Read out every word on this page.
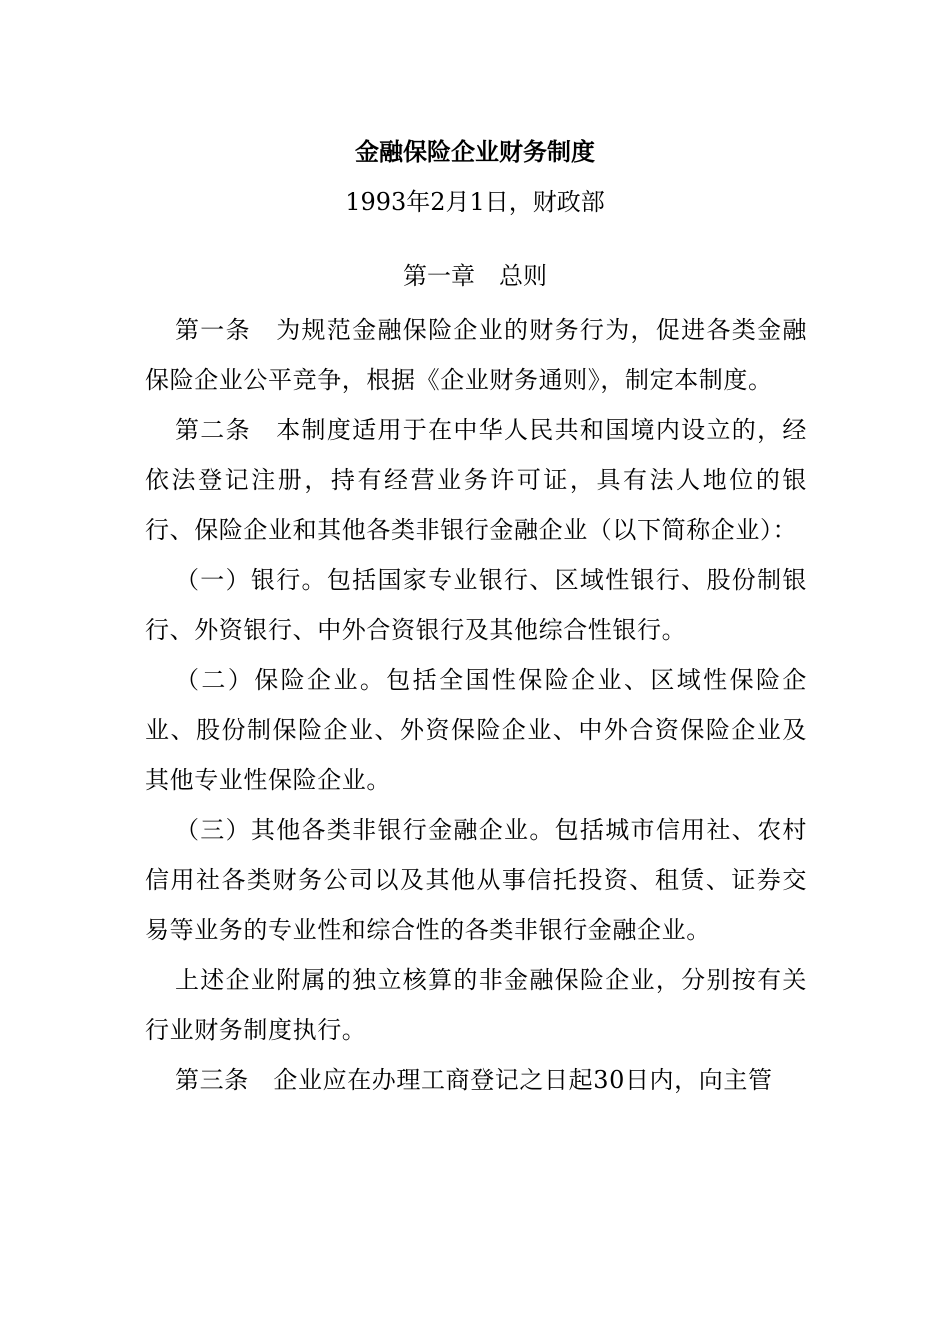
金融保险企业财务制度
1993年2月1日，财政部
第一章　总则

第一条　为规范金融保险企业的财务行为，促进各类金融保险企业公平竞争，根据《企业财务通则》，制定本制度。

第二条　本制度适用于在中华人民共和国境内设立的，经依法登记注册，持有经营业务许可证，具有法人地位的银行、保险企业和其他各类非银行金融企业（以下简称企业）：

（一）银行。包括国家专业银行、区域性银行、股份制银行、外资银行、中外合资银行及其他综合性银行。

（二）保险企业。包括全国性保险企业、区域性保险企业、股份制保险企业、外资保险企业、中外合资保险企业及其他专业性保险企业。

（三）其他各类非银行金融企业。包括城市信用社、农村信用社各类财务公司以及其他从事信托投资、租赁、证券交易等业务的专业性和综合性的各类非银行金融企业。

上述企业附属的独立核算的非金融保险企业，分别按有关行业财务制度执行。

第三条　企业应在办理工商登记之日起30日内，向主管
